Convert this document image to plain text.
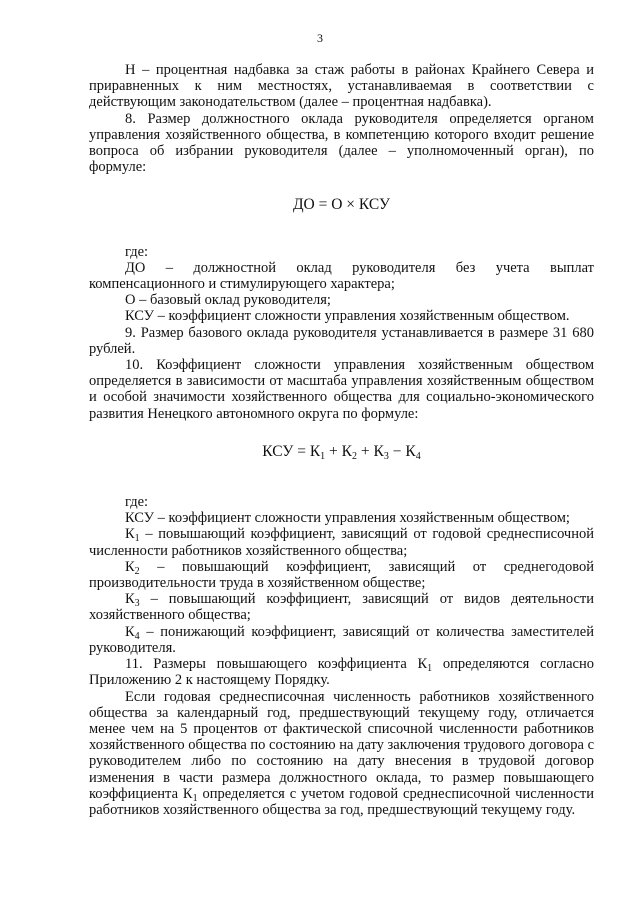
3

Н – процентная надбавка за стаж работы в районах Крайнего Севера и приравненных к ним местностях, устанавливаемая в соответствии с действующим законодательством (далее – процентная надбавка).

8. Размер должностного оклада руководителя определяется органом управления хозяйственного общества, в компетенцию которого входит решение вопроса об избрании руководителя (далее – уполномоченный орган), по формуле:

ДО = О × КСУ

где:

ДО – должностной оклад руководителя без учета выплат компенсационного и стимулирующего характера;

О – базовый оклад руководителя;

КСУ – коэффициент сложности управления хозяйственным обществом.

9. Размер базового оклада руководителя устанавливается в размере 31 680 рублей.

10. Коэффициент сложности управления хозяйственным обществом определяется в зависимости от масштаба управления хозяйственным обществом и особой значимости хозяйственного общества для социально-экономического развития Ненецкого автономного округа по формуле:

КСУ = $К_1 + К_2 + К_3 - К_4$

где:

КСУ – коэффициент сложности управления хозяйственным обществом;

$К_1$ – повышающий коэффициент, зависящий от годовой среднесписочной численности работников хозяйственного общества;

$К_2$ – повышающий коэффициент, зависящий от среднегодовой производительности труда в хозяйственном обществе;

$К_3$ – повышающий коэффициент, зависящий от видов деятельности хозяйственного общества;

$К_4$ – понижающий коэффициент, зависящий от количества заместителей руководителя.

11. Размеры повышающего коэффициента $К_1$ определяются согласно Приложению 2 к настоящему Порядку.

Если годовая среднесписочная численность работников хозяйственного общества за календарный год, предшествующий текущему году, отличается менее чем на 5 процентов от фактической списочной численности работников хозяйственного общества по состоянию на дату заключения трудового договора с руководителем либо по состоянию на дату внесения в трудовой договор изменения в части размера должностного оклада, то размер повышающего коэффициента $К_1$ определяется с учетом годовой среднесписочной численности работников хозяйственного общества за год, предшествующий текущему году.
